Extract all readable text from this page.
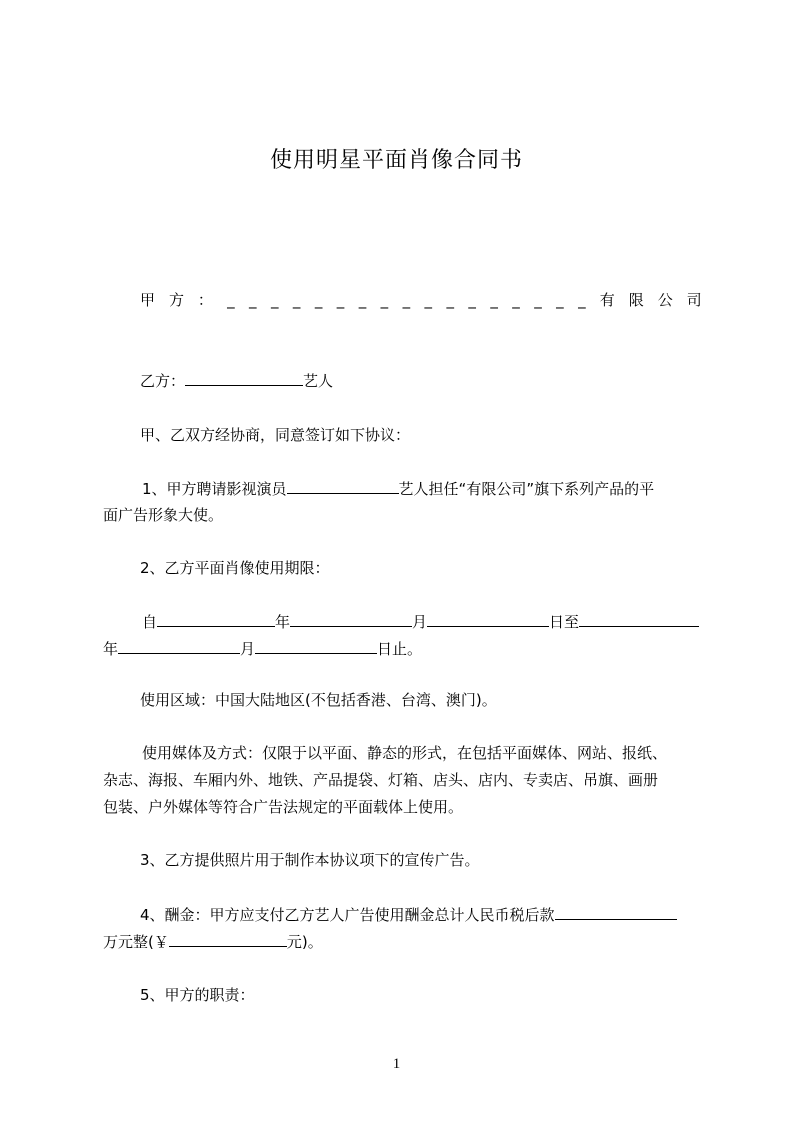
使用明星平面肖像合同书
甲 方 ： _ _ _ _ _ _ _ _ _ _ _ _ _ _ _ _ _ 有 限 公 司
乙方：	艺人
甲、乙双方经协商，同意签订如下协议：
1、甲方聘请影视演员	艺人担任“有限公司”旗下系列产品的平
面广告形象大使。
2、乙方平面肖像使用期限：
自	年	月	日至
年	月	日止。
使用区域：中国大陆地区(不包括香港、台湾、澳门)。
使用媒体及方式：仅限于以平面、静态的形式，在包括平面媒体、网站、报纸、
杂志、海报、车厢内外、地铁、产品提袋、灯箱、店头、店内、专卖店、吊旗、画册
包装、户外媒体等符合广告法规定的平面载体上使用。
3、乙方提供照片用于制作本协议项下的宣传广告。
4、酬金：甲方应支付乙方艺人广告使用酬金总计人民币税后款
万元整(￥	元)。
5、甲方的职责：
1
